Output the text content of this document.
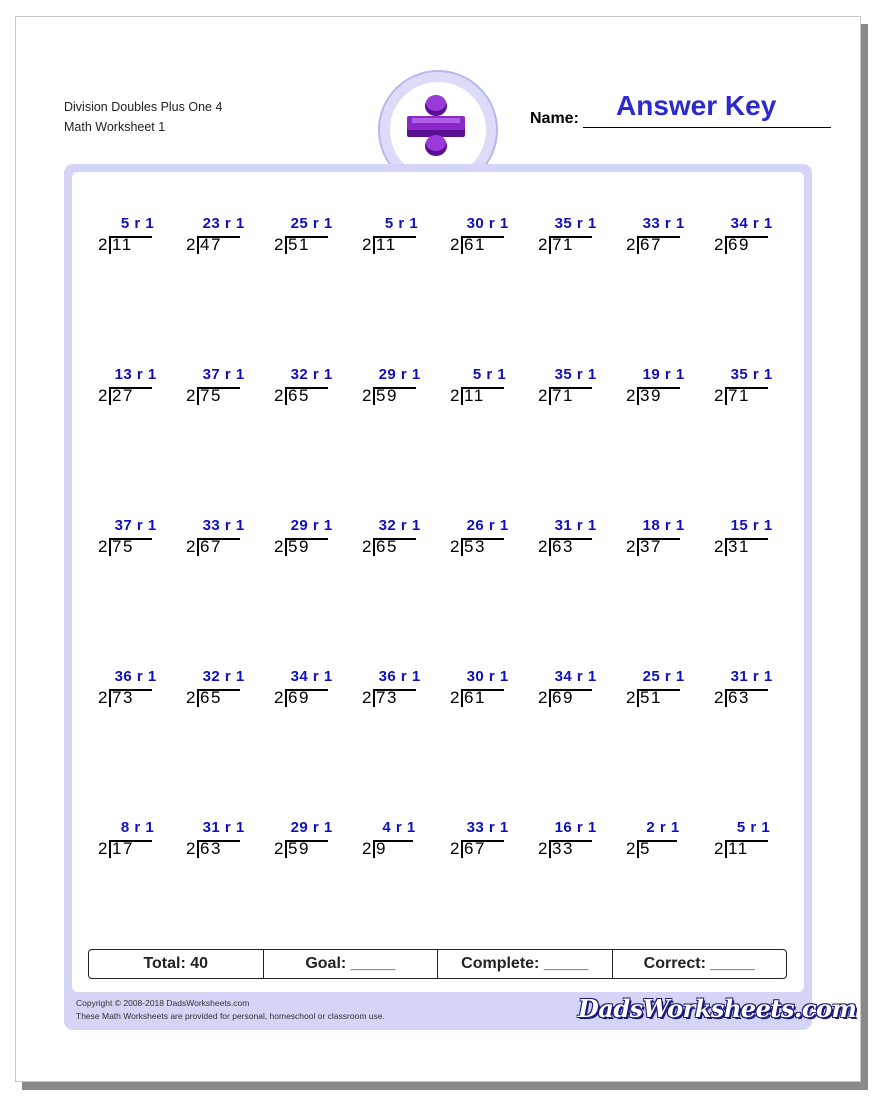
Division Doubles Plus One 4
Math Worksheet 1	Name: Answer Key
5 r 1
2 11
23 r 1
2 47
25 r 1
2 51
5 r 1
2 11
30 r 1
2 61
35 r 1
2 71
33 r 1
2 67
34 r 1
2 69
13 r 1
2 27
37 r 1
2 75
32 r 1
2 65
29 r 1
2 59
5 r 1
2 11
35 r 1
2 71
19 r 1
2 39
35 r 1
2 71
37 r 1
2 75
33 r 1
2 67
29 r 1
2 59
32 r 1
2 65
26 r 1
2 53
31 r 1
2 63
18 r 1
2 37
15 r 1
2 31
36 r 1
2 73
32 r 1
2 65
34 r 1
2 69
36 r 1
2 73
30 r 1
2 61
34 r 1
2 69
25 r 1
2 51
31 r 1
2 63
8 r 1
2 17
31 r 1
2 63
29 r 1
2 59
4 r 1
2 9
33 r 1
2 67
16 r 1
2 33
2 r 1
2 5
5 r 1
2 11
Total: 40	Goal: _____	Complete: _____	Correct: _____
Copyright © 2008-2018 DadsWorksheets.com
These Math Worksheets are provided for personal, homeschool or classroom use.	DadsWorksheets.com
